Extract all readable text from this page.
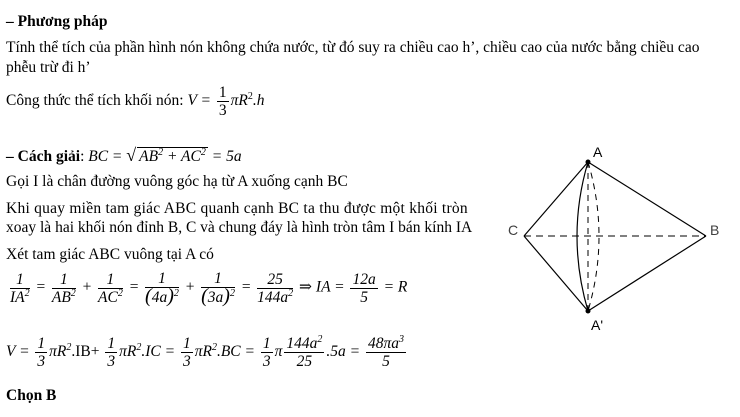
– Phương pháp
Tính thể tích của phần hình nón không chứa nước, từ đó suy ra chiều cao h’, chiều cao của nước bằng chiều cao
phễu trừ đi h’
Công thức thể tích khối nón: $V = \frac{1}{3} \pi R^2.h$
– Cách giải: BC = √ $AB^2 + AC^2 = 5a$
Gọi I là chân đường vuông góc hạ từ A xuống cạnh BC
Khi quay miền tam giác ABC quanh cạnh BC ta thu được một khối tròn
xoay là hai khối nón đỉnh B, C và chung đáy là hình tròn tâm I bán kính IA
Xét tam giác ABC vuông tại A có
$\frac{1}{IA^2} = \frac{1}{AB^2} + \frac{1}{AC^2} = \frac{1}{(4a)^2} + \frac{1}{(3a)^2} = \frac{25}{144a^2}$ ⇒ IA = $\frac{12a}{5} = R$
$V = \frac{1}{3} \pi R^2.IB+ \frac{1}{3} \pi R^2.IC = \frac{1}{3} \pi R^2.BC = \frac{1}{3}$ π $\frac{144a^2}{25} .5a = \frac{48\pi a^3}{5}$
Chọn B
A
B
C
A'
